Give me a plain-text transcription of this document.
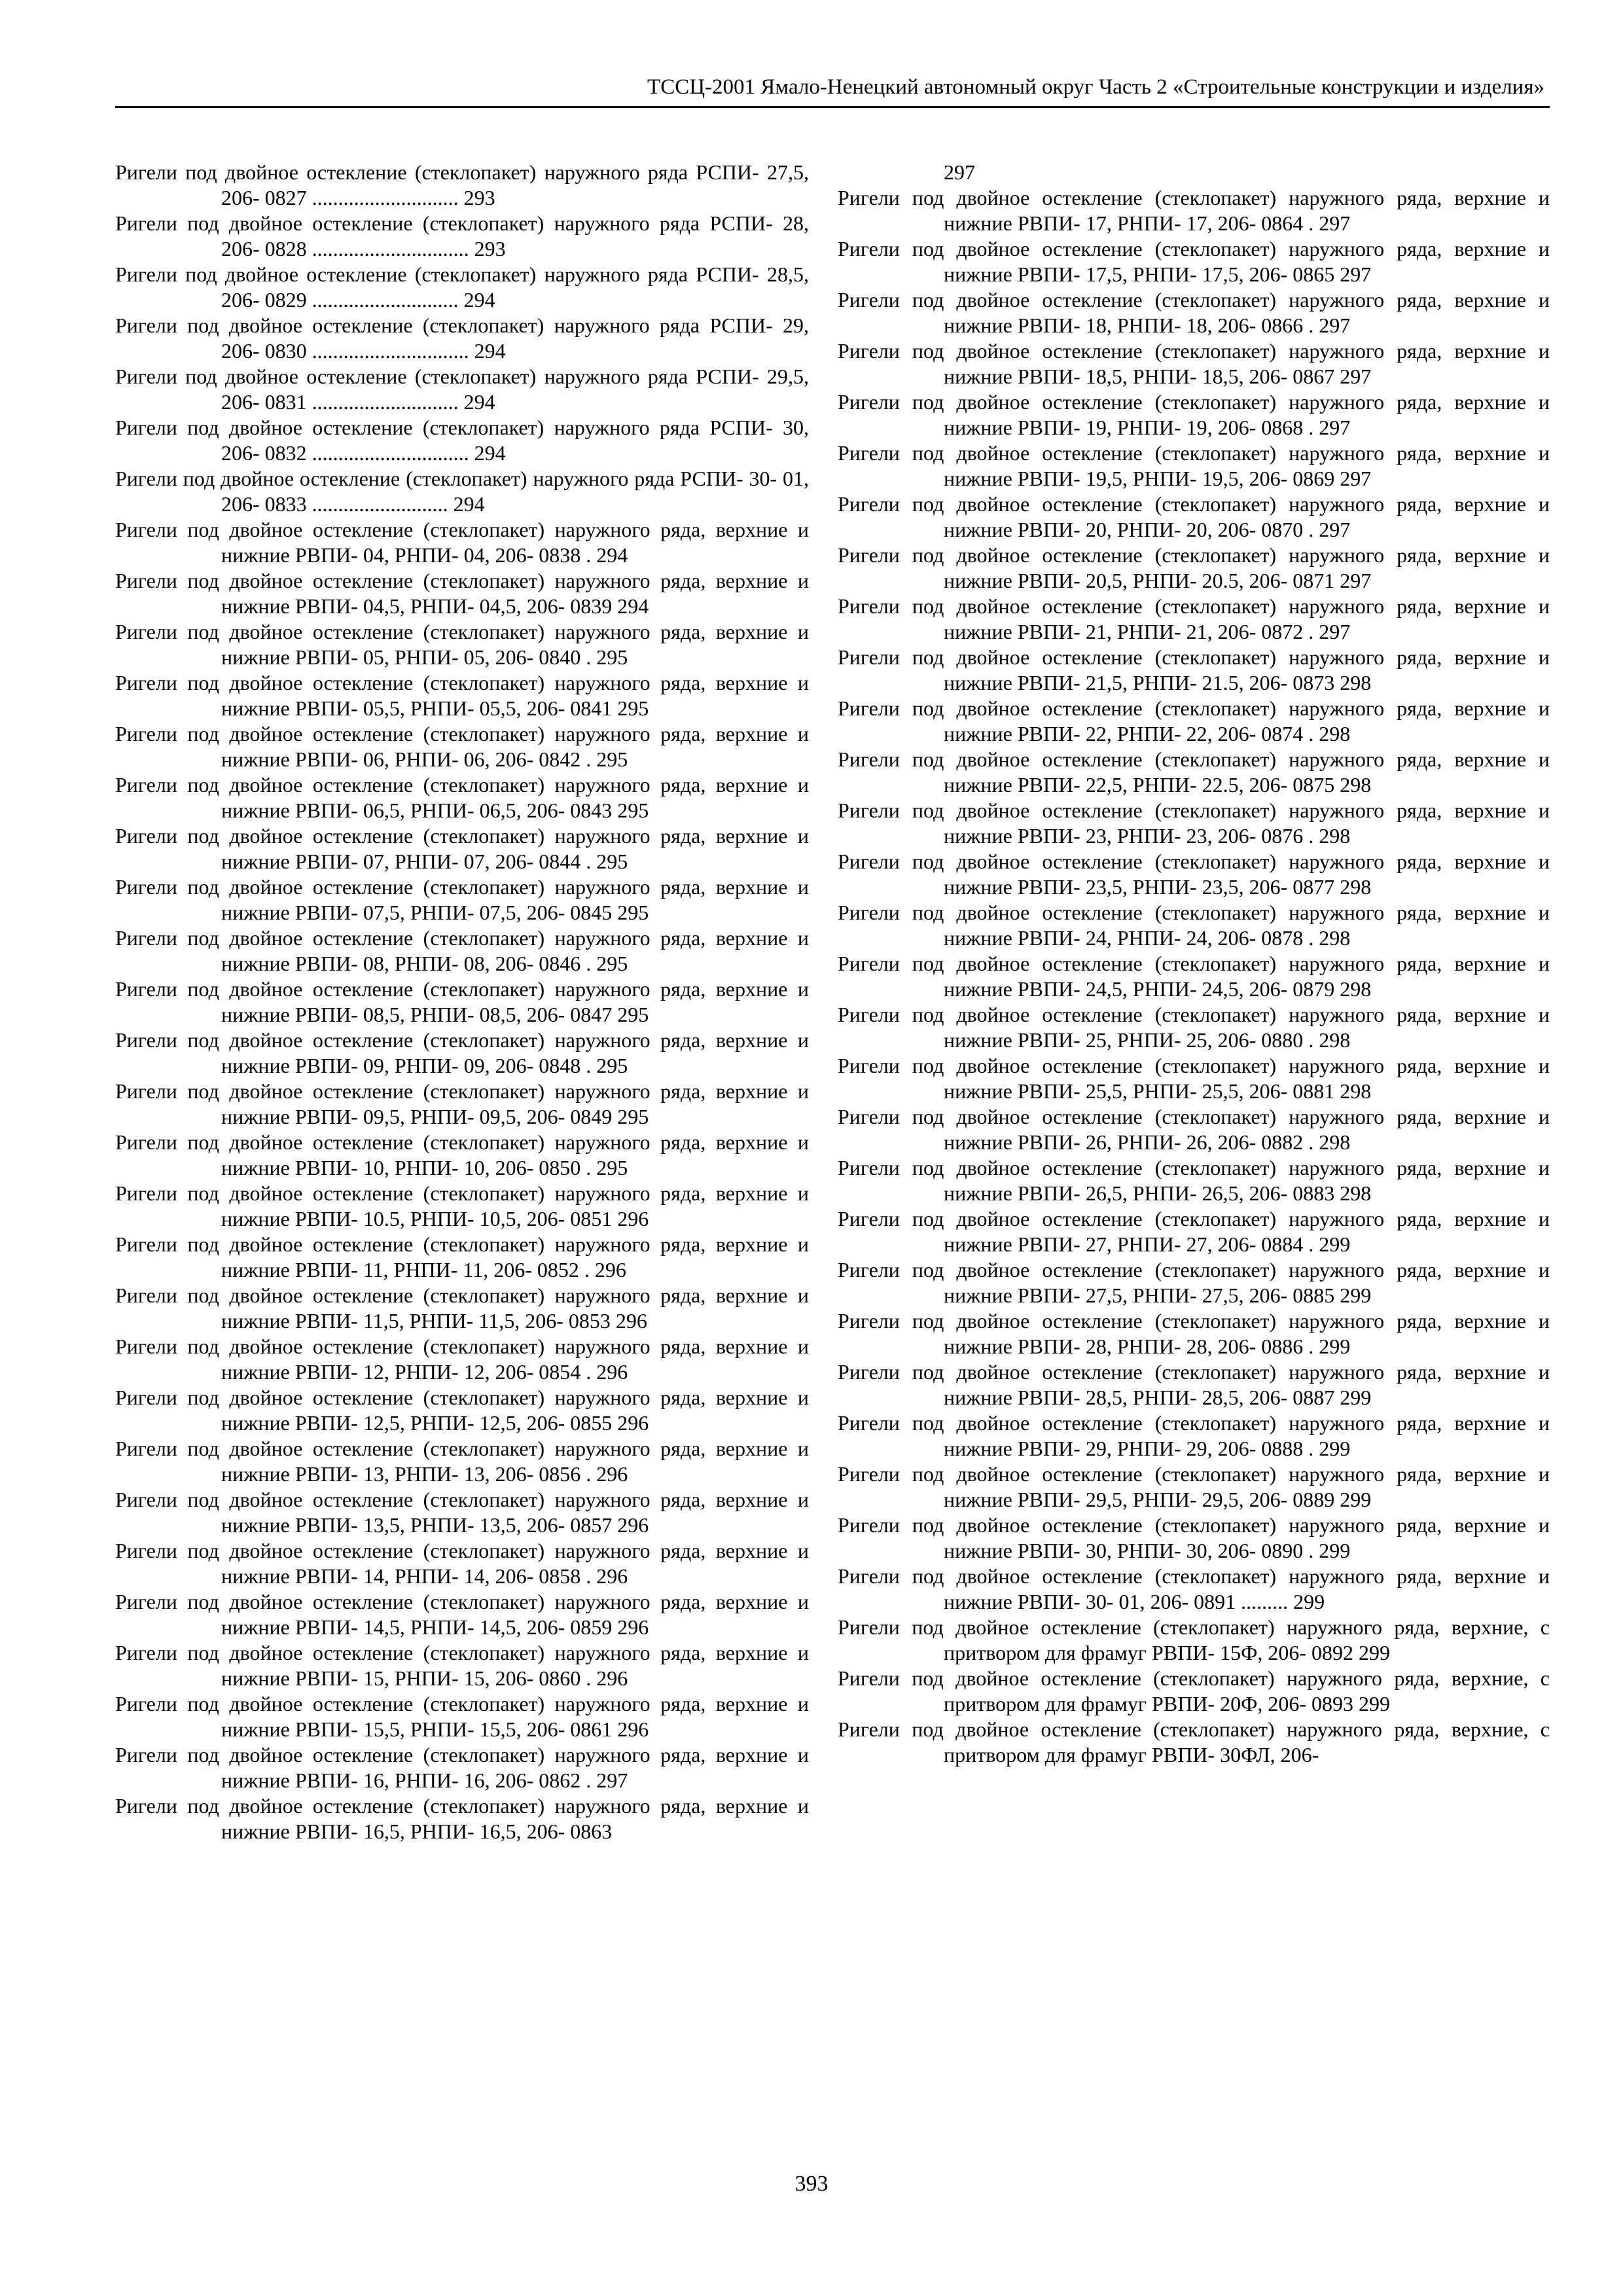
ТССЦ-2001 Ямало-Ненецкий автономный округ Часть 2 «Строительные конструкции и изделия»
Ригели под двойное остекление (стеклопакет) наружного ряда РСПИ- 27,5, 206- 0827 ............................ 293
Ригели под двойное остекление (стеклопакет) наружного ряда РСПИ- 28, 206- 0828 .............................. 293
Ригели под двойное остекление (стеклопакет) наружного ряда РСПИ- 28,5, 206- 0829 ............................ 294
Ригели под двойное остекление (стеклопакет) наружного ряда РСПИ- 29, 206- 0830 .............................. 294
Ригели под двойное остекление (стеклопакет) наружного ряда РСПИ- 29,5, 206- 0831 ............................ 294
Ригели под двойное остекление (стеклопакет) наружного ряда РСПИ- 30, 206- 0832 .............................. 294
Ригели под двойное остекление (стеклопакет) наружного ряда РСПИ- 30- 01, 206- 0833 .......................... 294
Ригели под двойное остекление (стеклопакет) наружного ряда, верхние и нижние РВПИ- 04, РНПИ- 04, 206- 0838 . 294
Ригели под двойное остекление (стеклопакет) наружного ряда, верхние и нижние РВПИ- 04,5, РНПИ- 04,5, 206- 0839 294
Ригели под двойное остекление (стеклопакет) наружного ряда, верхние и нижние РВПИ- 05, РНПИ- 05, 206- 0840 . 295
Ригели под двойное остекление (стеклопакет) наружного ряда, верхние и нижние РВПИ- 05,5, РНПИ- 05,5, 206- 0841 295
Ригели под двойное остекление (стеклопакет) наружного ряда, верхние и нижние РВПИ- 06, РНПИ- 06, 206- 0842 . 295
Ригели под двойное остекление (стеклопакет) наружного ряда, верхние и нижние РВПИ- 06,5, РНПИ- 06,5, 206- 0843 295
Ригели под двойное остекление (стеклопакет) наружного ряда, верхние и нижние РВПИ- 07, РНПИ- 07, 206- 0844 . 295
Ригели под двойное остекление (стеклопакет) наружного ряда, верхние и нижние РВПИ- 07,5, РНПИ- 07,5, 206- 0845 295
Ригели под двойное остекление (стеклопакет) наружного ряда, верхние и нижние РВПИ- 08, РНПИ- 08, 206- 0846 . 295
Ригели под двойное остекление (стеклопакет) наружного ряда, верхние и нижние РВПИ- 08,5, РНПИ- 08,5, 206- 0847 295
Ригели под двойное остекление (стеклопакет) наружного ряда, верхние и нижние РВПИ- 09, РНПИ- 09, 206- 0848 . 295
Ригели под двойное остекление (стеклопакет) наружного ряда, верхние и нижние РВПИ- 09,5, РНПИ- 09,5, 206- 0849 295
Ригели под двойное остекление (стеклопакет) наружного ряда, верхние и нижние РВПИ- 10, РНПИ- 10, 206- 0850 . 295
Ригели под двойное остекление (стеклопакет) наружного ряда, верхние и нижние РВПИ- 10.5, РНПИ- 10,5, 206- 0851 296
Ригели под двойное остекление (стеклопакет) наружного ряда, верхние и нижние РВПИ- 11, РНПИ- 11, 206- 0852 . 296
Ригели под двойное остекление (стеклопакет) наружного ряда, верхние и нижние РВПИ- 11,5, РНПИ- 11,5, 206- 0853 296
Ригели под двойное остекление (стеклопакет) наружного ряда, верхние и нижние РВПИ- 12, РНПИ- 12, 206- 0854 . 296
Ригели под двойное остекление (стеклопакет) наружного ряда, верхние и нижние РВПИ- 12,5, РНПИ- 12,5, 206- 0855 296
Ригели под двойное остекление (стеклопакет) наружного ряда, верхние и нижние РВПИ- 13, РНПИ- 13, 206- 0856 . 296
Ригели под двойное остекление (стеклопакет) наружного ряда, верхние и нижние РВПИ- 13,5, РНПИ- 13,5, 206- 0857 296
Ригели под двойное остекление (стеклопакет) наружного ряда, верхние и нижние РВПИ- 14, РНПИ- 14, 206- 0858 . 296
Ригели под двойное остекление (стеклопакет) наружного ряда, верхние и нижние РВПИ- 14,5, РНПИ- 14,5, 206- 0859 296
Ригели под двойное остекление (стеклопакет) наружного ряда, верхние и нижние РВПИ- 15, РНПИ- 15, 206- 0860 . 296
Ригели под двойное остекление (стеклопакет) наружного ряда, верхние и нижние РВПИ- 15,5, РНПИ- 15,5, 206- 0861 296
Ригели под двойное остекление (стеклопакет) наружного ряда, верхние и нижние РВПИ- 16, РНПИ- 16, 206- 0862 . 297
Ригели под двойное остекление (стеклопакет) наружного ряда, верхние и нижние РВПИ- 16,5, РНПИ- 16,5, 206- 0863
297
Ригели под двойное остекление (стеклопакет) наружного ряда, верхние и нижние РВПИ- 17, РНПИ- 17, 206- 0864 . 297
Ригели под двойное остекление (стеклопакет) наружного ряда, верхние и нижние РВПИ- 17,5, РНПИ- 17,5, 206- 0865 297
Ригели под двойное остекление (стеклопакет) наружного ряда, верхние и нижние РВПИ- 18, РНПИ- 18, 206- 0866 . 297
Ригели под двойное остекление (стеклопакет) наружного ряда, верхние и нижние РВПИ- 18,5, РНПИ- 18,5, 206- 0867 297
Ригели под двойное остекление (стеклопакет) наружного ряда, верхние и нижние РВПИ- 19, РНПИ- 19, 206- 0868 . 297
Ригели под двойное остекление (стеклопакет) наружного ряда, верхние и нижние РВПИ- 19,5, РНПИ- 19,5, 206- 0869 297
Ригели под двойное остекление (стеклопакет) наружного ряда, верхние и нижние РВПИ- 20, РНПИ- 20, 206- 0870 . 297
Ригели под двойное остекление (стеклопакет) наружного ряда, верхние и нижние РВПИ- 20,5, РНПИ- 20.5, 206- 0871 297
Ригели под двойное остекление (стеклопакет) наружного ряда, верхние и нижние РВПИ- 21, РНПИ- 21, 206- 0872 . 297
Ригели под двойное остекление (стеклопакет) наружного ряда, верхние и нижние РВПИ- 21,5, РНПИ- 21.5, 206- 0873 298
Ригели под двойное остекление (стеклопакет) наружного ряда, верхние и нижние РВПИ- 22, РНПИ- 22, 206- 0874 . 298
Ригели под двойное остекление (стеклопакет) наружного ряда, верхние и нижние РВПИ- 22,5, РНПИ- 22.5, 206- 0875 298
Ригели под двойное остекление (стеклопакет) наружного ряда, верхние и нижние РВПИ- 23, РНПИ- 23, 206- 0876 . 298
Ригели под двойное остекление (стеклопакет) наружного ряда, верхние и нижние РВПИ- 23,5, РНПИ- 23,5, 206- 0877 298
Ригели под двойное остекление (стеклопакет) наружного ряда, верхние и нижние РВПИ- 24, РНПИ- 24, 206- 0878 . 298
Ригели под двойное остекление (стеклопакет) наружного ряда, верхние и нижние РВПИ- 24,5, РНПИ- 24,5, 206- 0879 298
Ригели под двойное остекление (стеклопакет) наружного ряда, верхние и нижние РВПИ- 25, РНПИ- 25, 206- 0880 . 298
Ригели под двойное остекление (стеклопакет) наружного ряда, верхние и нижние РВПИ- 25,5, РНПИ- 25,5, 206- 0881 298
Ригели под двойное остекление (стеклопакет) наружного ряда, верхние и нижние РВПИ- 26, РНПИ- 26, 206- 0882 . 298
Ригели под двойное остекление (стеклопакет) наружного ряда, верхние и нижние РВПИ- 26,5, РНПИ- 26,5, 206- 0883 298
Ригели под двойное остекление (стеклопакет) наружного ряда, верхние и нижние РВПИ- 27, РНПИ- 27, 206- 0884 . 299
Ригели под двойное остекление (стеклопакет) наружного ряда, верхние и нижние РВПИ- 27,5, РНПИ- 27,5, 206- 0885 299
Ригели под двойное остекление (стеклопакет) наружного ряда, верхние и нижние РВПИ- 28, РНПИ- 28, 206- 0886 . 299
Ригели под двойное остекление (стеклопакет) наружного ряда, верхние и нижние РВПИ- 28,5, РНПИ- 28,5, 206- 0887 299
Ригели под двойное остекление (стеклопакет) наружного ряда, верхние и нижние РВПИ- 29, РНПИ- 29, 206- 0888 . 299
Ригели под двойное остекление (стеклопакет) наружного ряда, верхние и нижние РВПИ- 29,5, РНПИ- 29,5, 206- 0889 299
Ригели под двойное остекление (стеклопакет) наружного ряда, верхние и нижние РВПИ- 30, РНПИ- 30, 206- 0890 . 299
Ригели под двойное остекление (стеклопакет) наружного ряда, верхние и нижние РВПИ- 30- 01, 206- 0891 ......... 299
Ригели под двойное остекление (стеклопакет) наружного ряда, верхние, с притвором для фрамуг РВПИ- 15Ф, 206- 0892 299
Ригели под двойное остекление (стеклопакет) наружного ряда, верхние, с притвором для фрамуг РВПИ- 20Ф, 206- 0893 299
Ригели под двойное остекление (стеклопакет) наружного ряда, верхние, с притвором для фрамуг РВПИ- 30ФЛ, 206-
393
